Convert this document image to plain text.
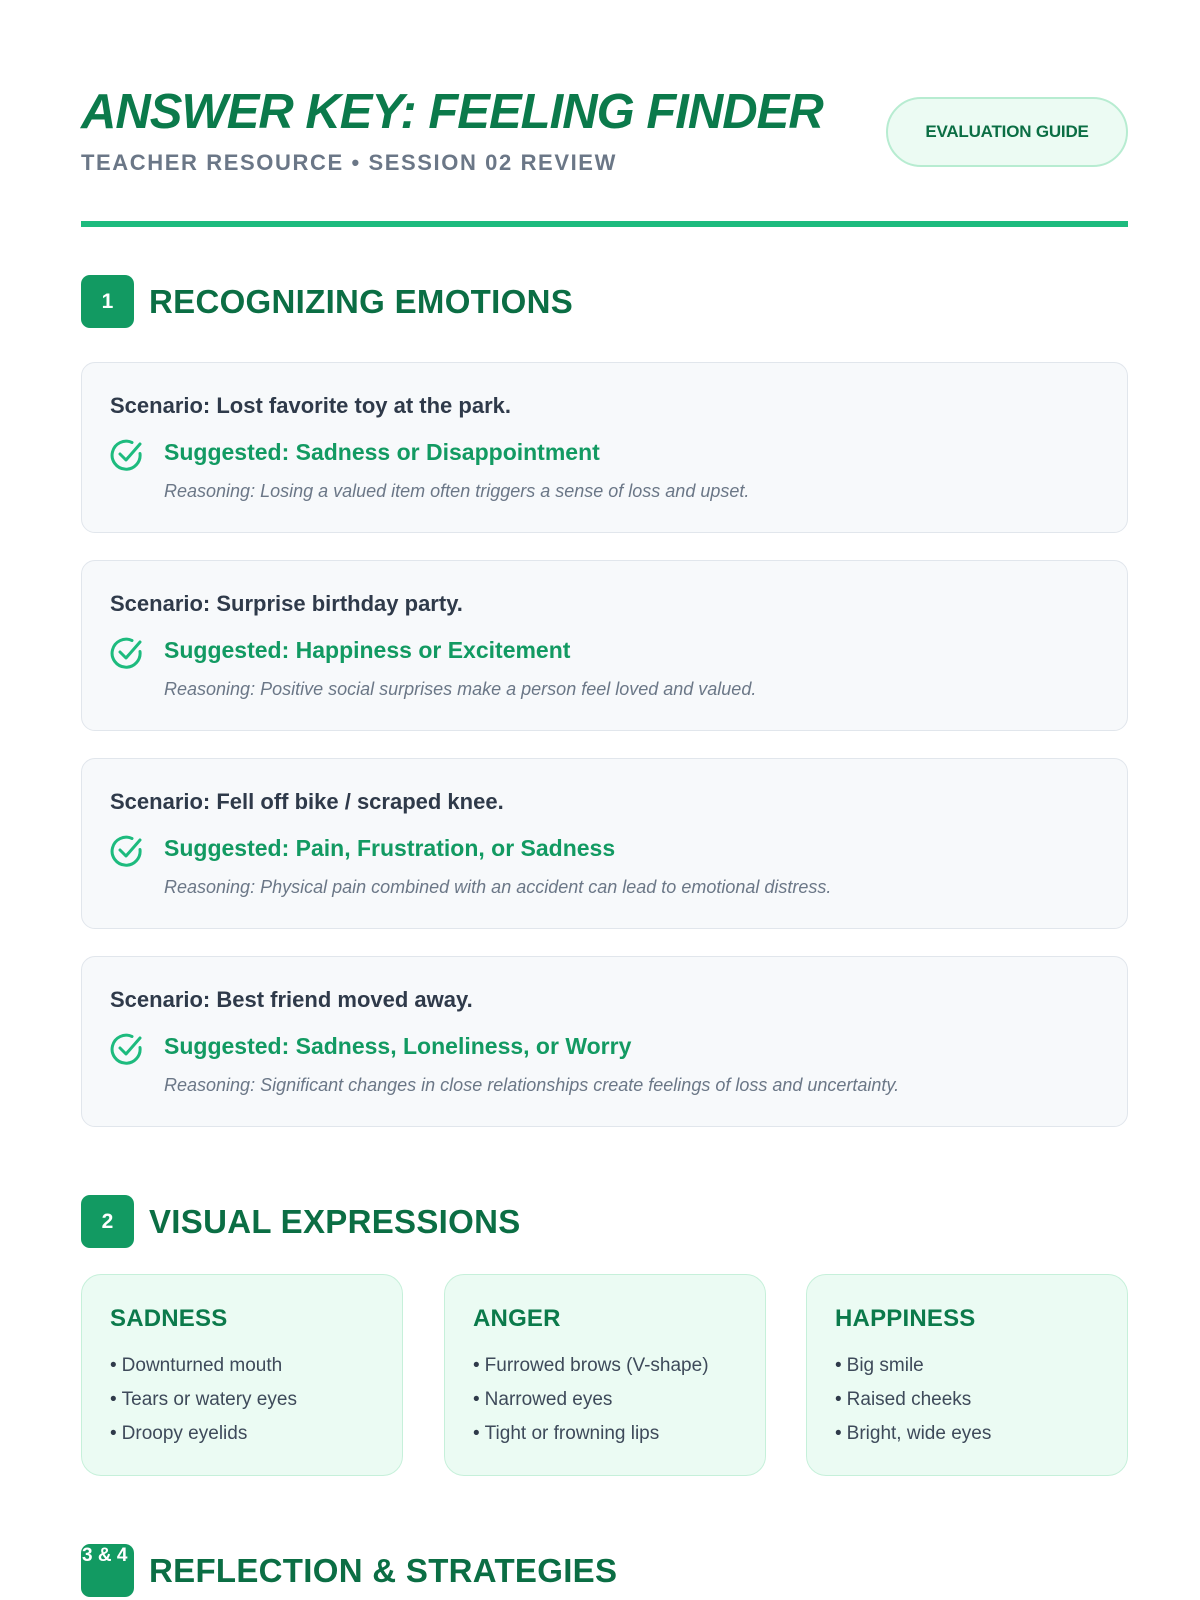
ANSWER KEY: FEELING FINDER
TEACHER RESOURCE • SESSION 02 REVIEW
EVALUATION GUIDE
1	RECOGNIZING EMOTIONS
Scenario: Lost favorite toy at the park.
Suggested: Sadness or Disappointment
Reasoning: Losing a valued item often triggers a sense of loss and upset.
Scenario: Surprise birthday party.
Suggested: Happiness or Excitement
Reasoning: Positive social surprises make a person feel loved and valued.
Scenario: Fell off bike / scraped knee.
Suggested: Pain, Frustration, or Sadness
Reasoning: Physical pain combined with an accident can lead to emotional distress.
Scenario: Best friend moved away.
Suggested: Sadness, Loneliness, or Worry
Reasoning: Significant changes in close relationships create feelings of loss and uncertainty.
2	VISUAL EXPRESSIONS
SADNESS
• Downturned mouth
• Tears or watery eyes
• Droopy eyelids
ANGER
• Furrowed brows (V-shape)
• Narrowed eyes
• Tight or frowning lips
HAPPINESS
• Big smile
• Raised cheeks
• Bright, wide eyes
3 & 4 REFLECTION & STRATEGIES
